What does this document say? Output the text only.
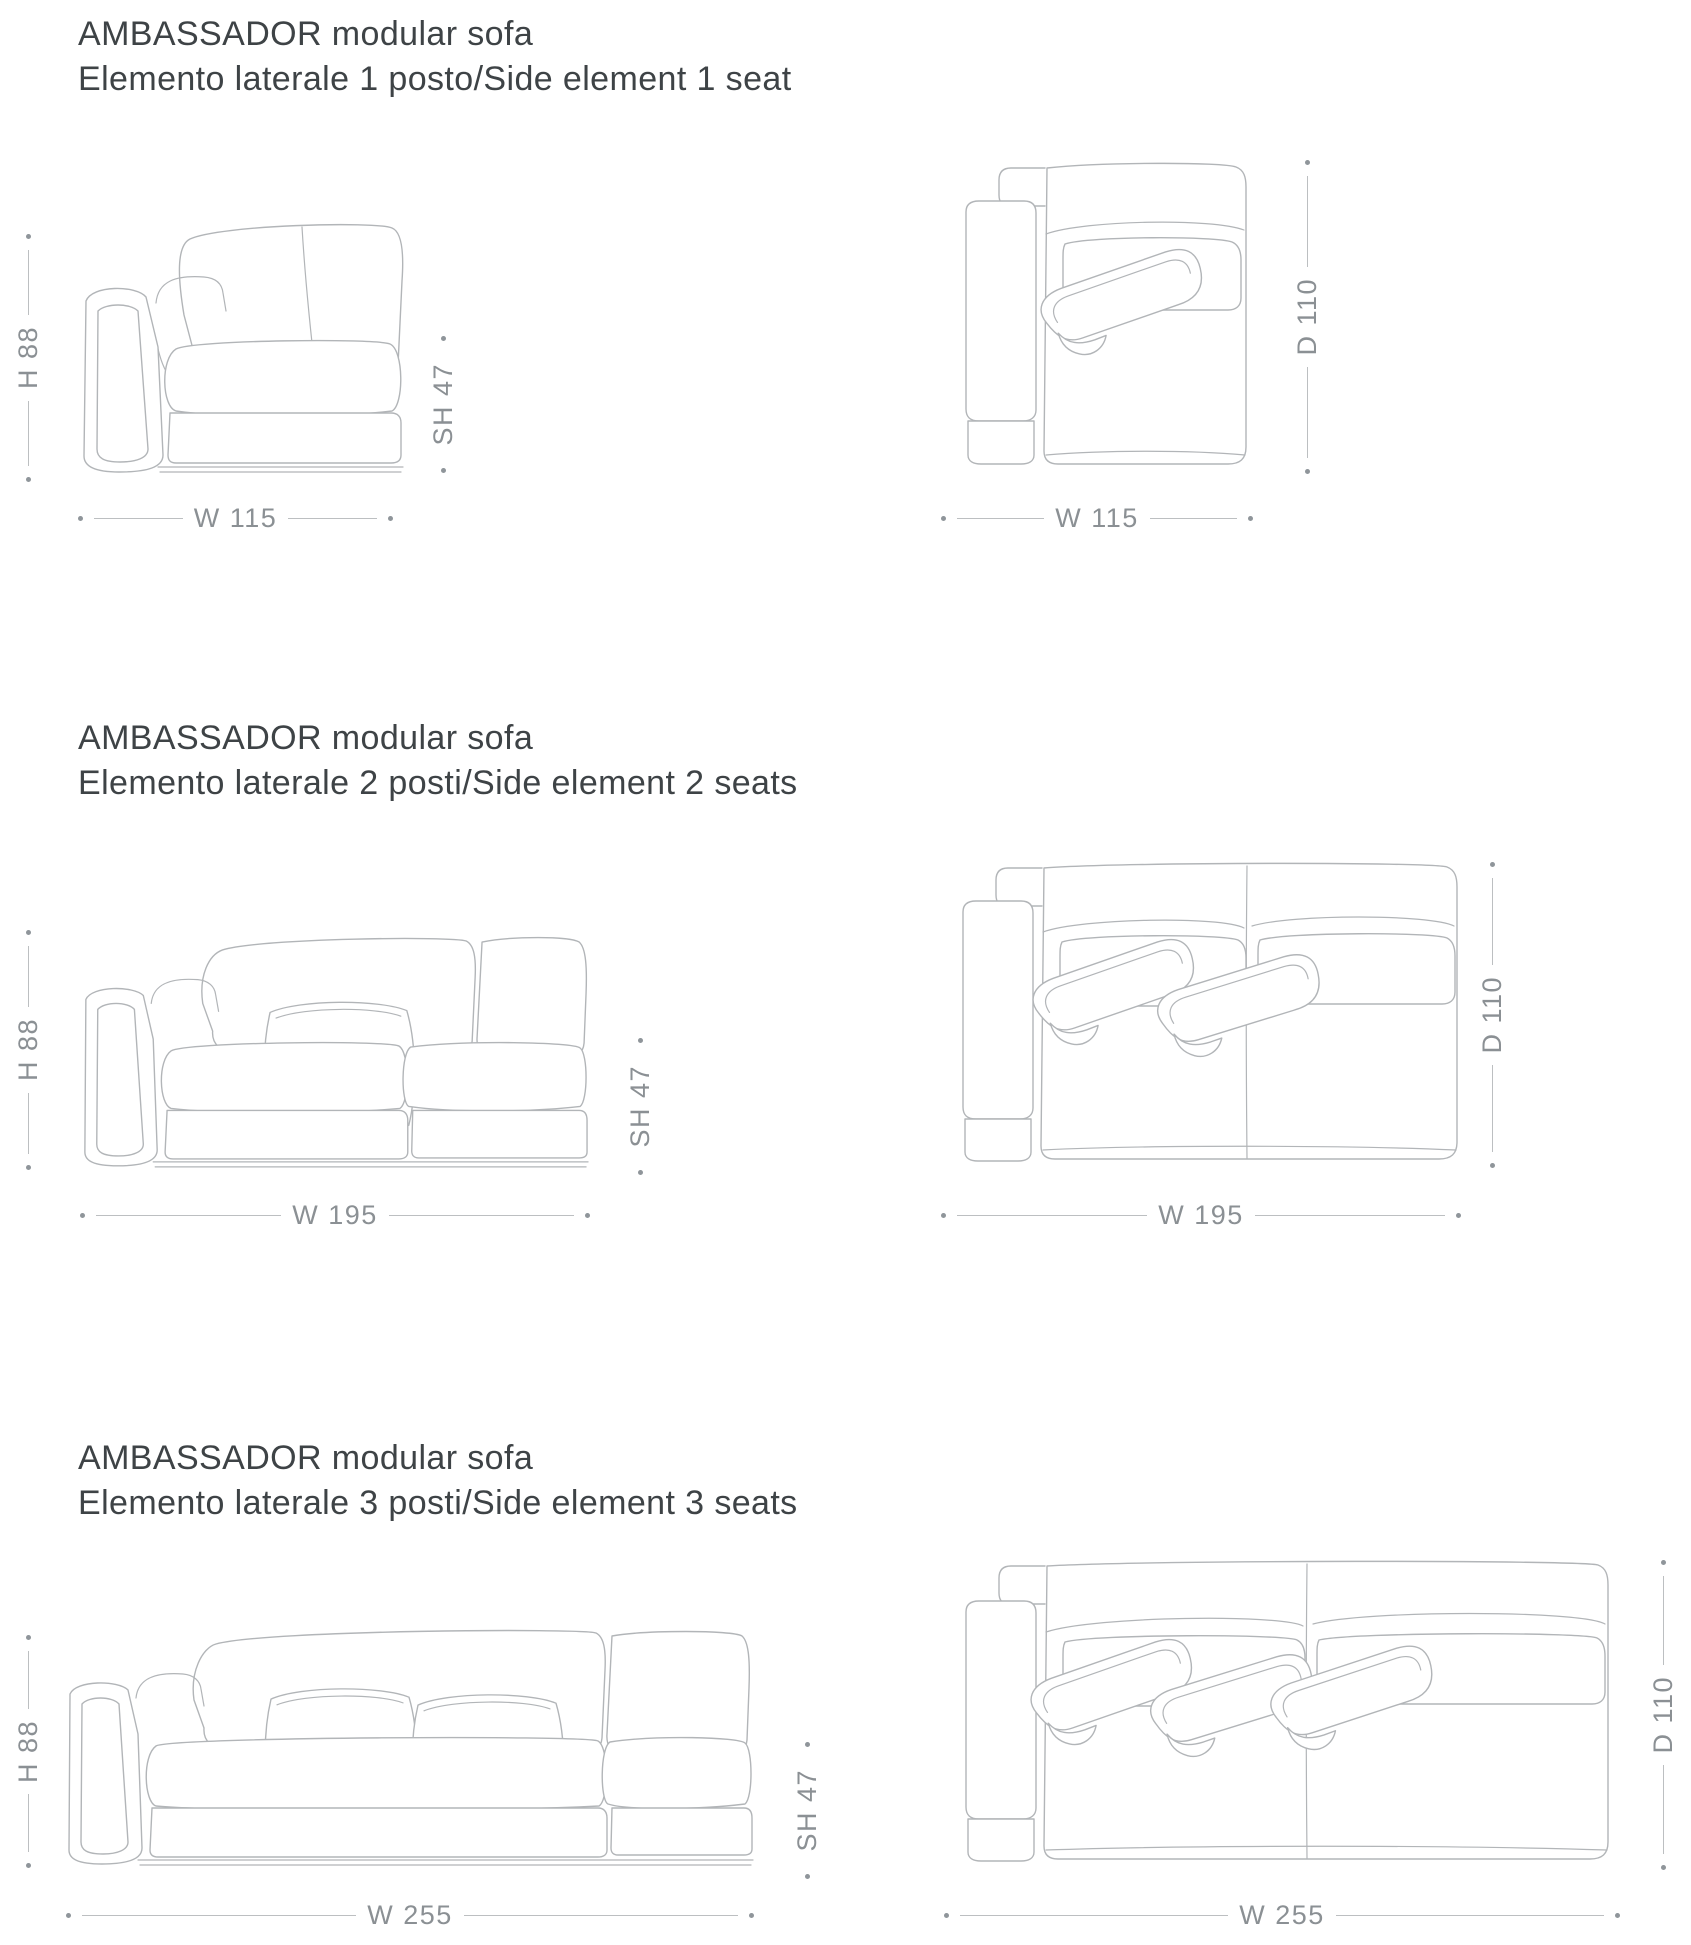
AMBASSADOR modular sofa
Elemento laterale 1 posto/Side element 1 seat
H 88
SH 47
W 115
D 110
W 115
AMBASSADOR modular sofa
Elemento laterale 2 posti/Side element 2 seats
H 88
SH 47
W 195
D 110
W 195
AMBASSADOR modular sofa
Elemento laterale 3 posti/Side element 3 seats
H 88
SH 47
W 255
D 110
W 255
